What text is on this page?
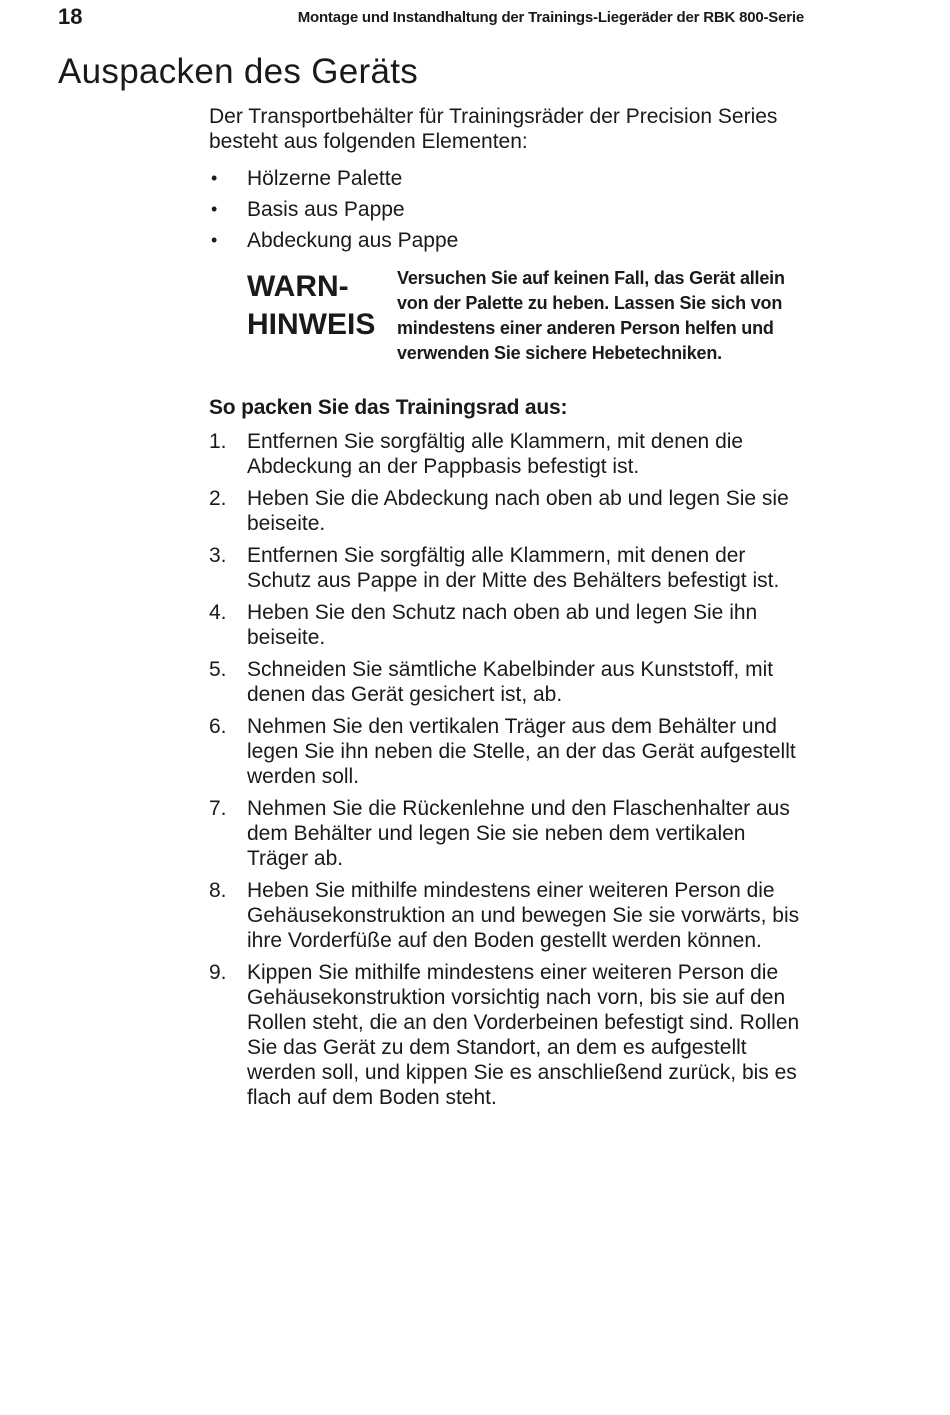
18	Montage und Instandhaltung der Trainings-Liegeräder der RBK 800-Serie
Auspacken des Geräts

Der Transportbehälter für Trainingsräder der Precision Series besteht aus folgenden Elementen:

• Hölzerne Palette
• Basis aus Pappe
• Abdeckung aus Pappe
WARN-
HINWEIS
Versuchen Sie auf keinen Fall, das Gerät allein von der Palette zu heben. Lassen Sie sich von mindestens einer anderen Person helfen und verwenden Sie sichere Hebetechniken.
So packen Sie das Trainingsrad aus:
1. Entfernen Sie sorgfältig alle Klammern, mit denen die Abdeckung an der Pappbasis befestigt ist.
2. Heben Sie die Abdeckung nach oben ab und legen Sie sie beiseite.
3. Entfernen Sie sorgfältig alle Klammern, mit denen der Schutz aus Pappe in der Mitte des Behälters befestigt ist.
4. Heben Sie den Schutz nach oben ab und legen Sie ihn beiseite.
5. Schneiden Sie sämtliche Kabelbinder aus Kunststoff, mit denen das Gerät gesichert ist, ab.
6. Nehmen Sie den vertikalen Träger aus dem Behälter und legen Sie ihn neben die Stelle, an der das Gerät aufgestellt werden soll.
7. Nehmen Sie die Rückenlehne und den Flaschenhalter aus dem Behälter und legen Sie sie neben dem vertikalen Träger ab.
8. Heben Sie mithilfe mindestens einer weiteren Person die Gehäusekonstruktion an und bewegen Sie sie vorwärts, bis ihre Vorderfüße auf den Boden gestellt werden können.
9. Kippen Sie mithilfe mindestens einer weiteren Person die Gehäusekonstruktion vorsichtig nach vorn, bis sie auf den Rollen steht, die an den Vorderbeinen befestigt sind. Rollen Sie das Gerät zu dem Standort, an dem es aufgestellt werden soll, und kippen Sie es anschließend zurück, bis es flach auf dem Boden steht.
